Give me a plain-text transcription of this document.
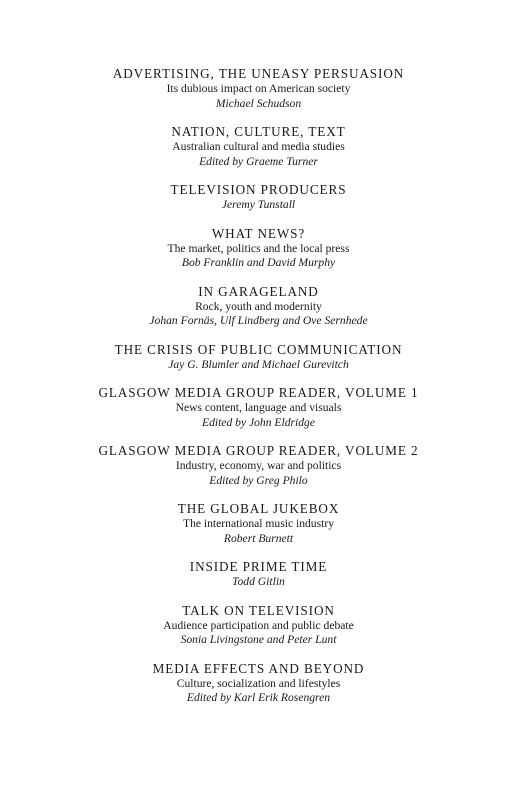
ADVERTISING, THE UNEASY PERSUASION
Its dubious impact on American society
Michael Schudson
NATION, CULTURE, TEXT
Australian cultural and media studies
Edited by Graeme Turner
TELEVISION PRODUCERS
Jeremy Tunstall
WHAT NEWS?
The market, politics and the local press
Bob Franklin and David Murphy
IN GARAGELAND
Rock, youth and modernity
Johan Fornäs, Ulf Lindberg and Ove Sernhede
THE CRISIS OF PUBLIC COMMUNICATION
Jay G. Blumler and Michael Gurevitch
GLASGOW MEDIA GROUP READER, VOLUME 1
News content, language and visuals
Edited by John Eldridge
GLASGOW MEDIA GROUP READER, VOLUME 2
Industry, economy, war and politics
Edited by Greg Philo
THE GLOBAL JUKEBOX
The international music industry
Robert Burnett
INSIDE PRIME TIME
Todd Gitlin
TALK ON TELEVISION
Audience participation and public debate
Sonia Livingstone and Peter Lunt
MEDIA EFFECTS AND BEYOND
Culture, socialization and lifestyles
Edited by Karl Erik Rosengren
